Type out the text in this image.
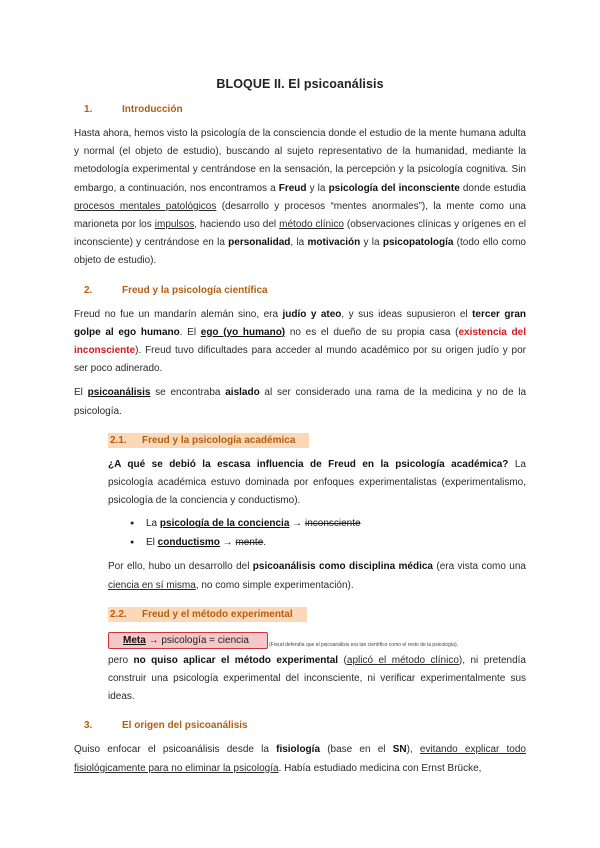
BLOQUE II. El psicoanálisis
1.	Introducción

Hasta ahora, hemos visto la psicología de la consciencia donde el estudio de la mente humana adulta y normal (el objeto de estudio), buscando al sujeto representativo de la humanidad, mediante la metodología experimental y centrándose en la sensación, la percepción y la psicología cognitiva. Sin embargo, a continuación, nos encontramos a Freud y la psicología del inconsciente donde estudia procesos mentales patológicos (desarrollo y procesos “mentes anormales”), la mente como una marioneta por los impulsos, haciendo uso del método clínico (observaciones clínicas y orígenes en el inconsciente) y centrándose en la personalidad, la motivación y la psicopatología (todo ello como objeto de estudio).

2.	Freud y la psicología científica

Freud no fue un mandarín alemán sino, era judío y ateo, y sus ideas supusieron el tercer gran golpe al ego humano. El ego (yo humano) no es el dueño de su propia casa (existencia del inconsciente). Freud tuvo dificultades para acceder al mundo académico por su origen judío y por ser poco adinerado.

El psicoanálisis se encontraba aislado al ser considerado una rama de la medicina y no de la psicología.

2.1. Freud y la psicología académica

¿A qué se debió la escasa influencia de Freud en la psicología académica? La psicología académica estuvo dominada por enfoques experimentalistas (experimentalismo, psicología de la conciencia y conductismo).

● La psicología de la conciencia → inconsciente
● El conductismo → mente.

Por ello, hubo un desarrollo del psicoanálisis como disciplina médica (era vista como una ciencia en sí misma, no como simple experimentación).

2.2. Freud y el método experimental
Meta → psicología = ciencia	(Freud defendía que el psicoanálisis era tan científico como el resto de la psicología),

pero no quiso aplicar el método experimental (aplicó el método clínico), ni pretendía construir una psicología experimental del inconsciente, ni verificar experimentalmente sus ideas.

3.	El origen del psicoanálisis

Quiso enfocar el psicoanálisis desde la fisiología (base en el SN), evitando explicar todo fisiológicamente para no eliminar la psicología. Había estudiado medicina con Ernst Brücke,
